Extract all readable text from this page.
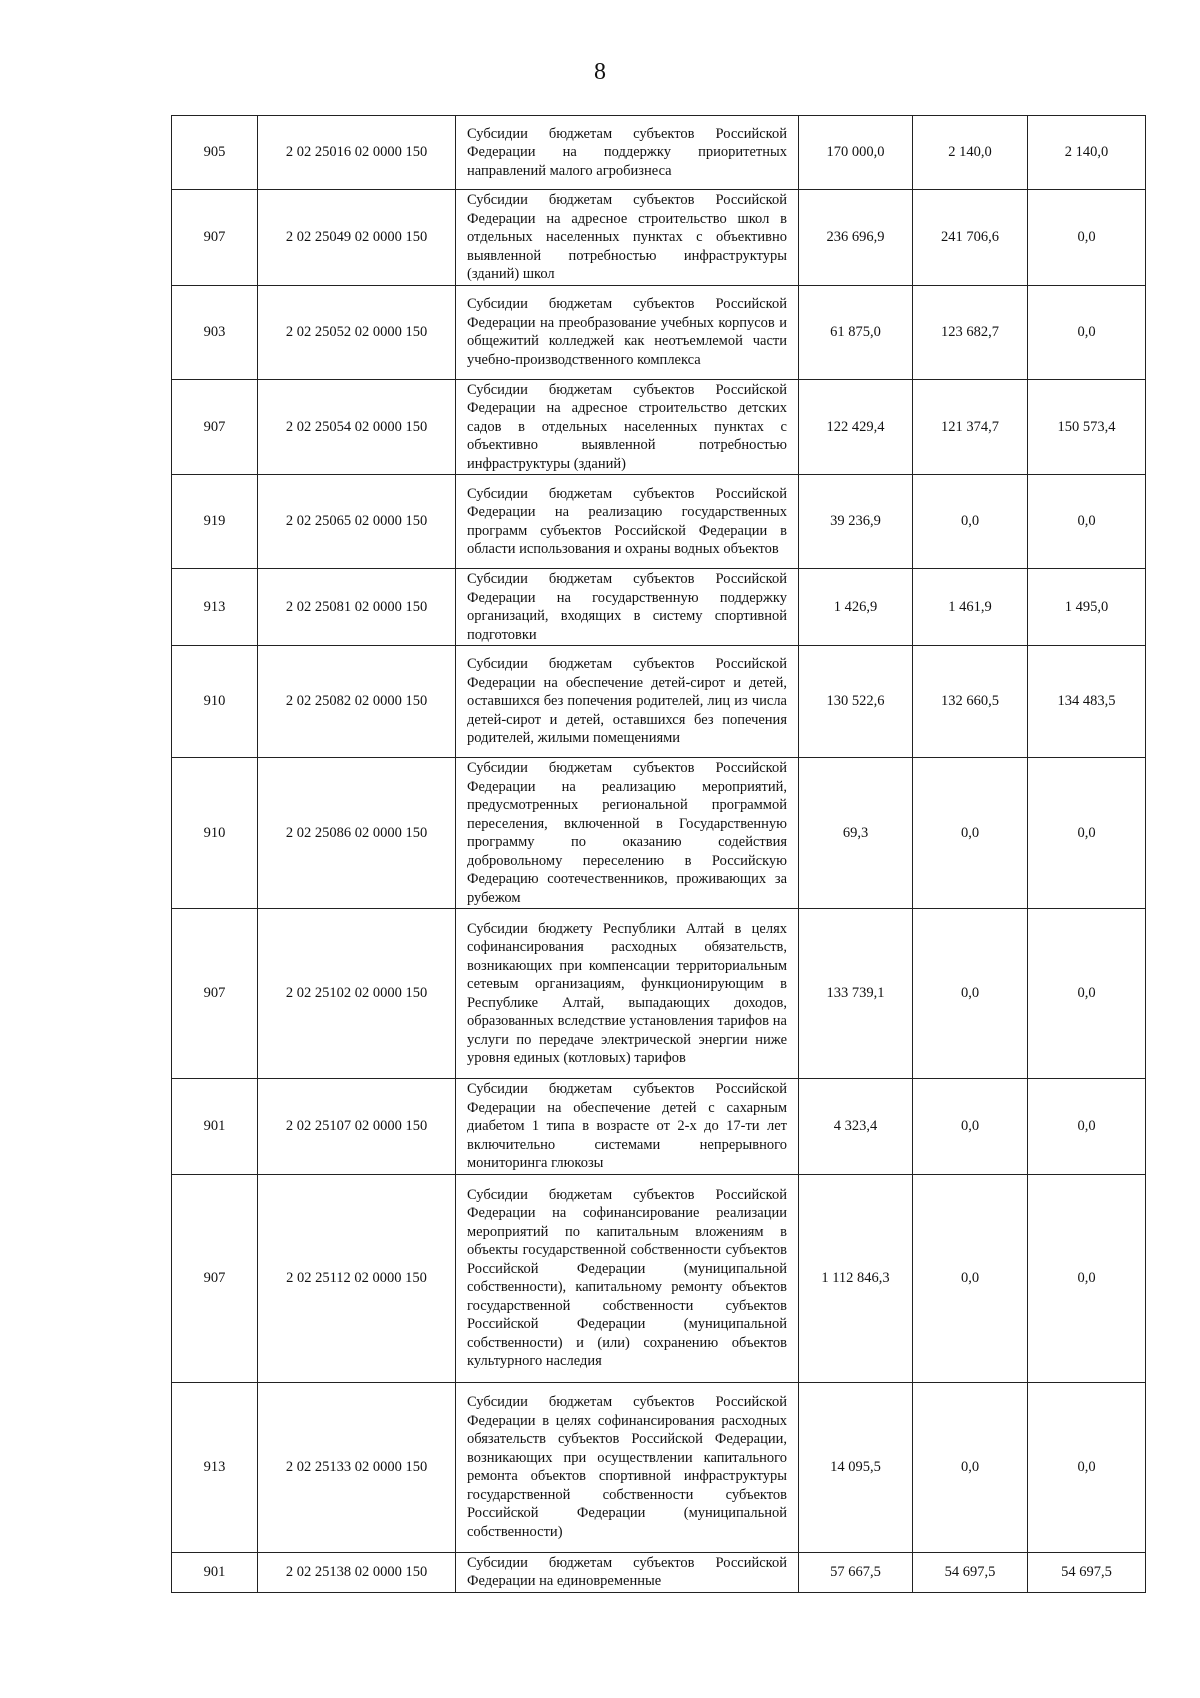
8
905	2 02 25016 02 0000 150	Субсидии бюджетам субъектов Российской Федерации на поддержку приоритетных направлений малого агробизнеса	170 000,0	2 140,0	2 140,0
907	2 02 25049 02 0000 150	Субсидии бюджетам субъектов Российской Федерации на адресное строительство школ в отдельных населенных пунктах с объективно выявленной потребностью инфраструктуры (зданий) школ	236 696,9	241 706,6	0,0
903	2 02 25052 02 0000 150	Субсидии бюджетам субъектов Российской Федерации на преобразование учебных корпусов и общежитий колледжей как неотъемлемой части учебно-производственного комплекса	61 875,0	123 682,7	0,0
907	2 02 25054 02 0000 150	Субсидии бюджетам субъектов Российской Федерации на адресное строительство детских садов в отдельных населенных пунктах с объективно выявленной потребностью инфраструктуры (зданий)	122 429,4	121 374,7	150 573,4
919	2 02 25065 02 0000 150	Субсидии бюджетам субъектов Российской Федерации на реализацию государственных программ субъектов Российской Федерации в области использования и охраны водных объектов	39 236,9	0,0	0,0
913	2 02 25081 02 0000 150	Субсидии бюджетам субъектов Российской Федерации на государственную поддержку организаций, входящих в систему спортивной подготовки	1 426,9	1 461,9	1 495,0
910	2 02 25082 02 0000 150	Субсидии бюджетам субъектов Российской Федерации на обеспечение детей-сирот и детей, оставшихся без попечения родителей, лиц из числа детей-сирот и детей, оставшихся без попечения родителей, жилыми помещениями	130 522,6	132 660,5	134 483,5
910	2 02 25086 02 0000 150	Субсидии бюджетам субъектов Российской Федерации на реализацию мероприятий, предусмотренных региональной программой переселения, включенной в Государственную программу по оказанию содействия добровольному переселению в Российскую Федерацию соотечественников, проживающих за рубежом	69,3	0,0	0,0
907	2 02 25102 02 0000 150	Субсидии бюджету Республики Алтай в целях софинансирования расходных обязательств, возникающих при компенсации территориальным сетевым организациям, функционирующим в Республике Алтай, выпадающих доходов, образованных вследствие установления тарифов на услуги по передаче электрической энергии ниже уровня единых (котловых) тарифов	133 739,1	0,0	0,0
901	2 02 25107 02 0000 150	Субсидии бюджетам субъектов Российской Федерации на обеспечение детей с сахарным диабетом 1 типа в возрасте от 2-х до 17-ти лет включительно системами непрерывного мониторинга глюкозы	4 323,4	0,0	0,0
907	2 02 25112 02 0000 150	Субсидии бюджетам субъектов Российской Федерации на софинансирование реализации мероприятий по капитальным вложениям в объекты государственной собственности субъектов Российской Федерации (муниципальной собственности), капитальному ремонту объектов государственной собственности субъектов Российской Федерации (муниципальной собственности) и (или) сохранению объектов культурного наследия	1 112 846,3	0,0	0,0
913	2 02 25133 02 0000 150	Субсидии бюджетам субъектов Российской Федерации в целях софинансирования расходных обязательств субъектов Российской Федерации, возникающих при осуществлении капитального ремонта объектов спортивной инфраструктуры государственной собственности субъектов Российской Федерации (муниципальной собственности)	14 095,5	0,0	0,0
901	2 02 25138 02 0000 150	Субсидии бюджетам субъектов Российской Федерации на единовременные	57 667,5	54 697,5	54 697,5
